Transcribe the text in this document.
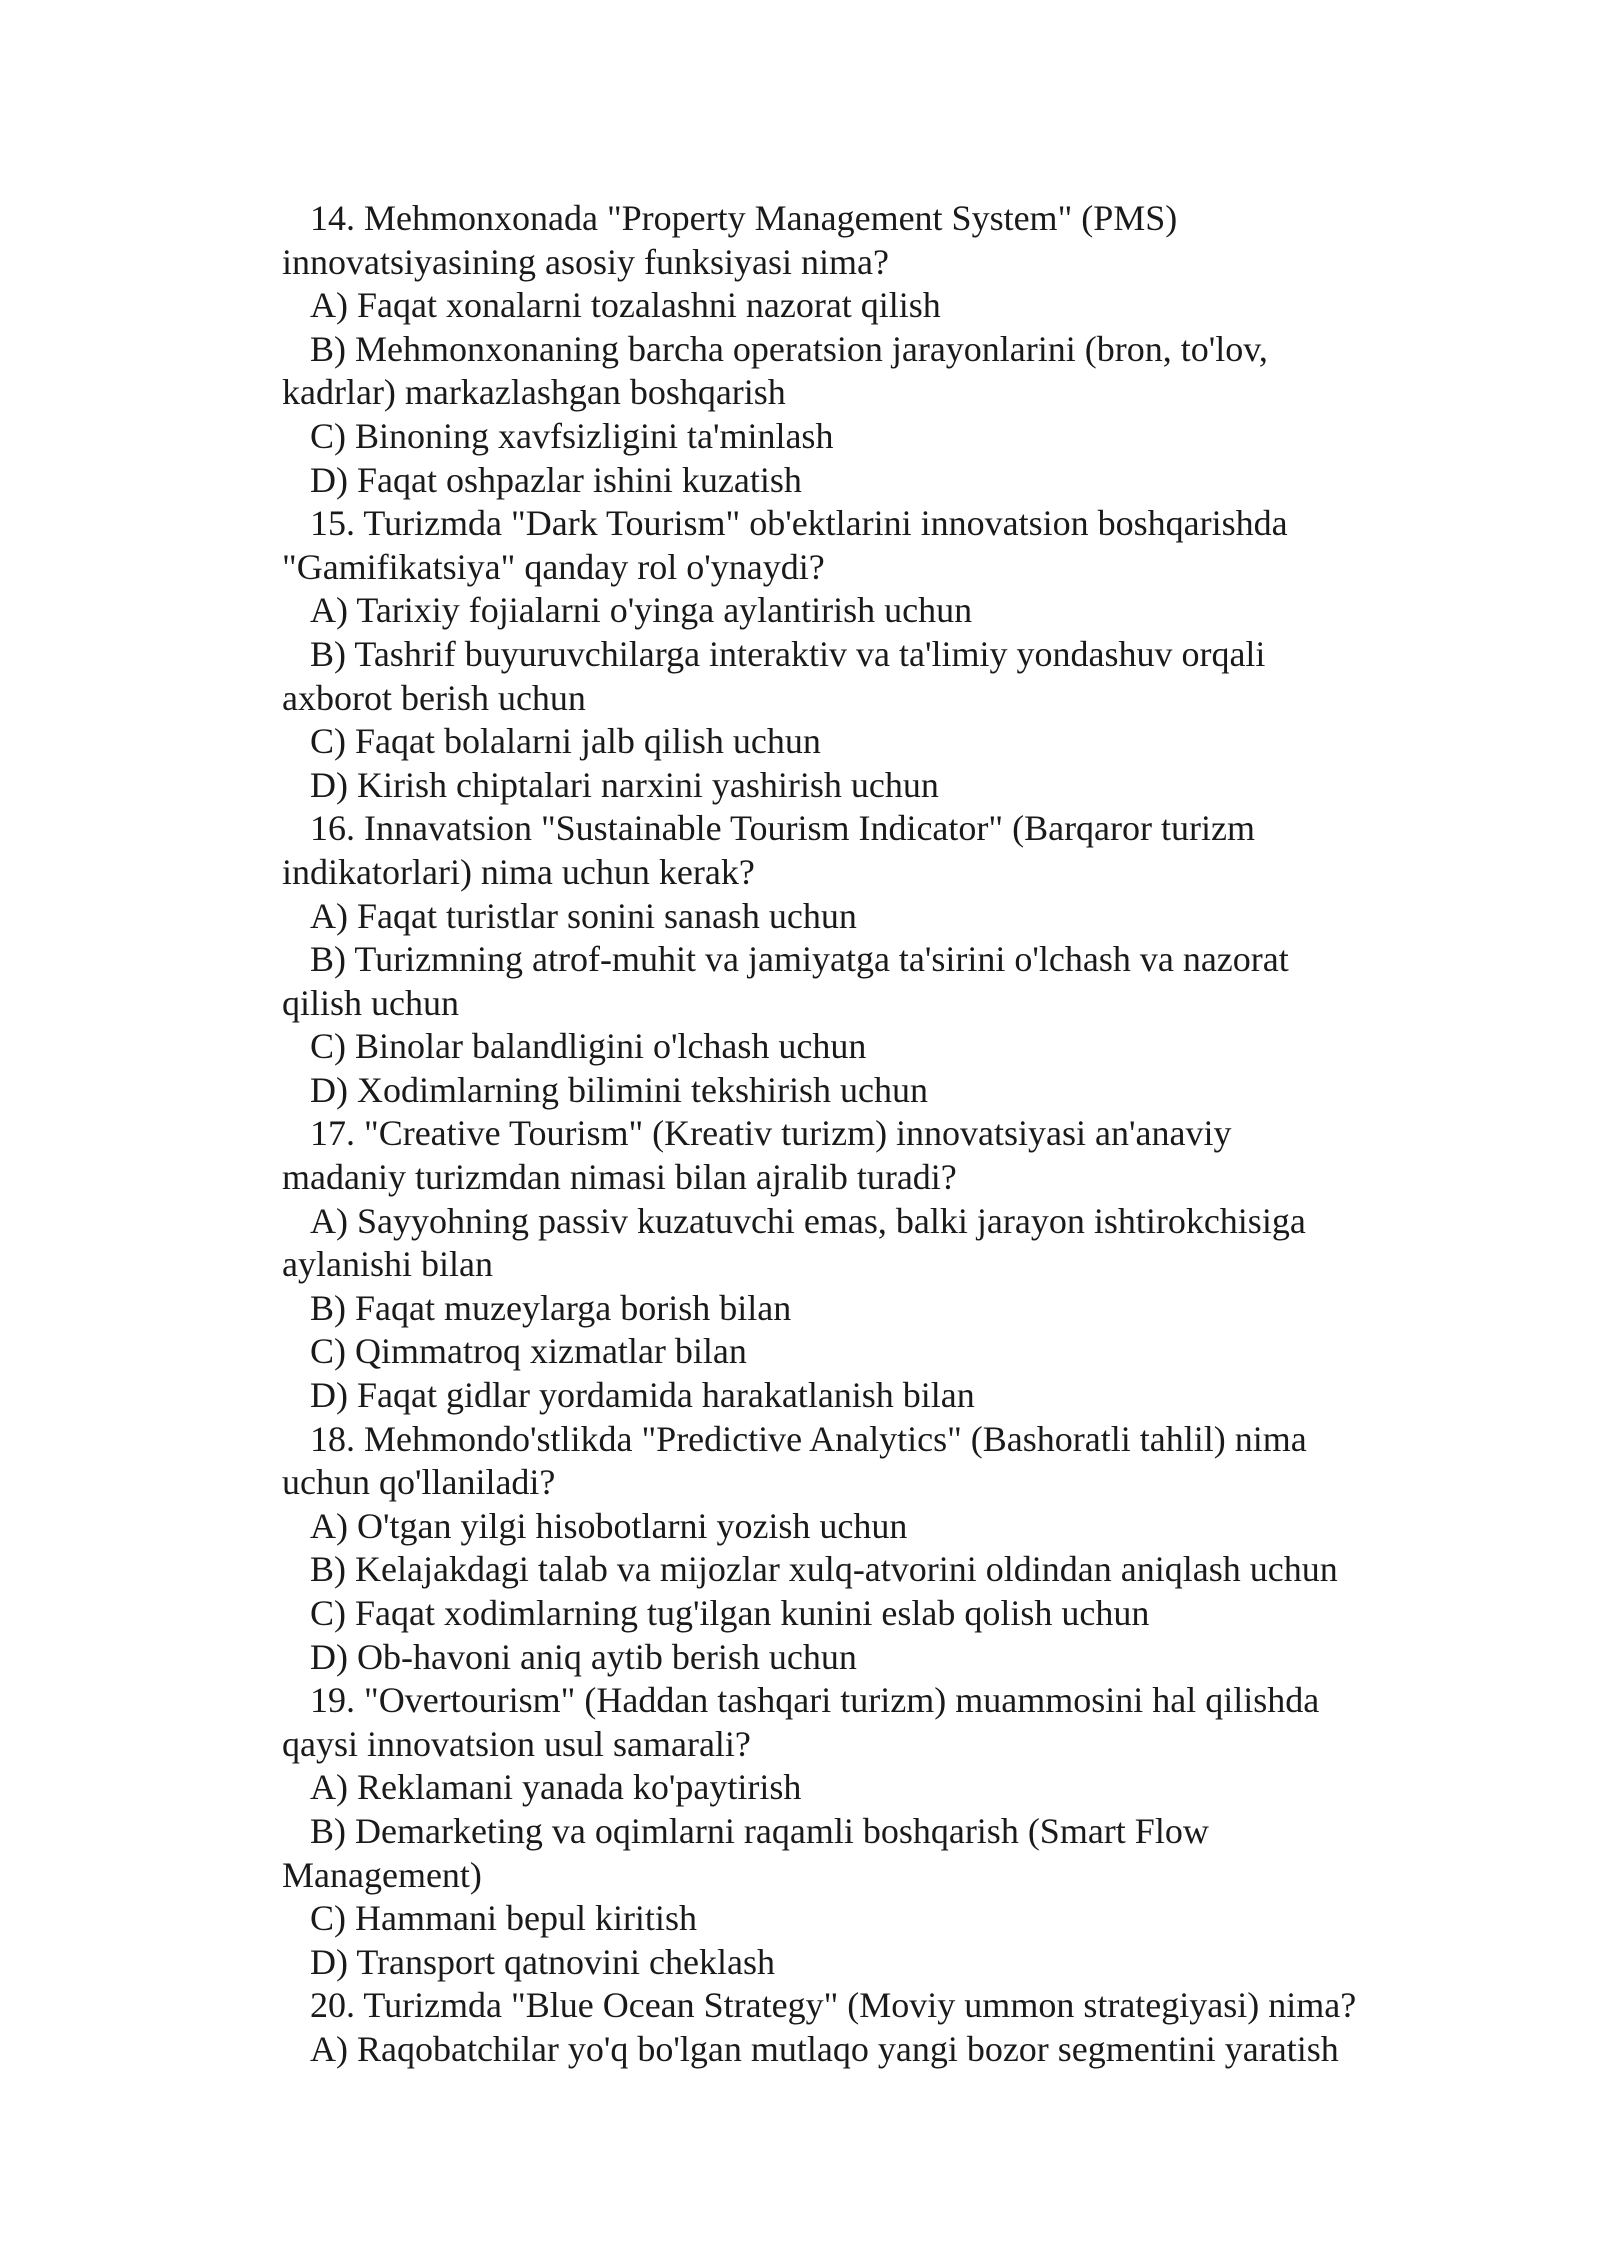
14. Mehmonxonada "Property Management System" (PMS)
innovatsiyasining asosiy funksiyasi nima?
A) Faqat xonalarni tozalashni nazorat qilish
B) Mehmonxonaning barcha operatsion jarayonlarini (bron, to'lov,
kadrlar) markazlashgan boshqarish
C) Binoning xavfsizligini ta'minlash
D) Faqat oshpazlar ishini kuzatish
15. Turizmda "Dark Tourism" ob'ektlarini innovatsion boshqarishda
"Gamifikatsiya" qanday rol o'ynaydi?
A) Tarixiy fojialarni o'yinga aylantirish uchun
B) Tashrif buyuruvchilarga interaktiv va ta'limiy yondashuv orqali
axborot berish uchun
C) Faqat bolalarni jalb qilish uchun
D) Kirish chiptalari narxini yashirish uchun
16. Innavatsion "Sustainable Tourism Indicator" (Barqaror turizm
indikatorlari) nima uchun kerak?
A) Faqat turistlar sonini sanash uchun
B) Turizmning atrof-muhit va jamiyatga ta'sirini o'lchash va nazorat
qilish uchun
C) Binolar balandligini o'lchash uchun
D) Xodimlarning bilimini tekshirish uchun
17. "Creative Tourism" (Kreativ turizm) innovatsiyasi an'anaviy
madaniy turizmdan nimasi bilan ajralib turadi?
A) Sayyohning passiv kuzatuvchi emas, balki jarayon ishtirokchisiga
aylanishi bilan
B) Faqat muzeylarga borish bilan
C) Qimmatroq xizmatlar bilan
D) Faqat gidlar yordamida harakatlanish bilan
18. Mehmondo'stlikda "Predictive Analytics" (Bashoratli tahlil) nima
uchun qo'llaniladi?
A) O'tgan yilgi hisobotlarni yozish uchun
B) Kelajakdagi talab va mijozlar xulq-atvorini oldindan aniqlash uchun
C) Faqat xodimlarning tug'ilgan kunini eslab qolish uchun
D) Ob-havoni aniq aytib berish uchun
19. "Overtourism" (Haddan tashqari turizm) muammosini hal qilishda
qaysi innovatsion usul samarali?
A) Reklamani yanada ko'paytirish
B) Demarketing va oqimlarni raqamli boshqarish (Smart Flow
Management)
C) Hammani bepul kiritish
D) Transport qatnovini cheklash
20. Turizmda "Blue Ocean Strategy" (Moviy ummon strategiyasi) nima?
A) Raqobatchilar yo'q bo'lgan mutlaqo yangi bozor segmentini yaratish
